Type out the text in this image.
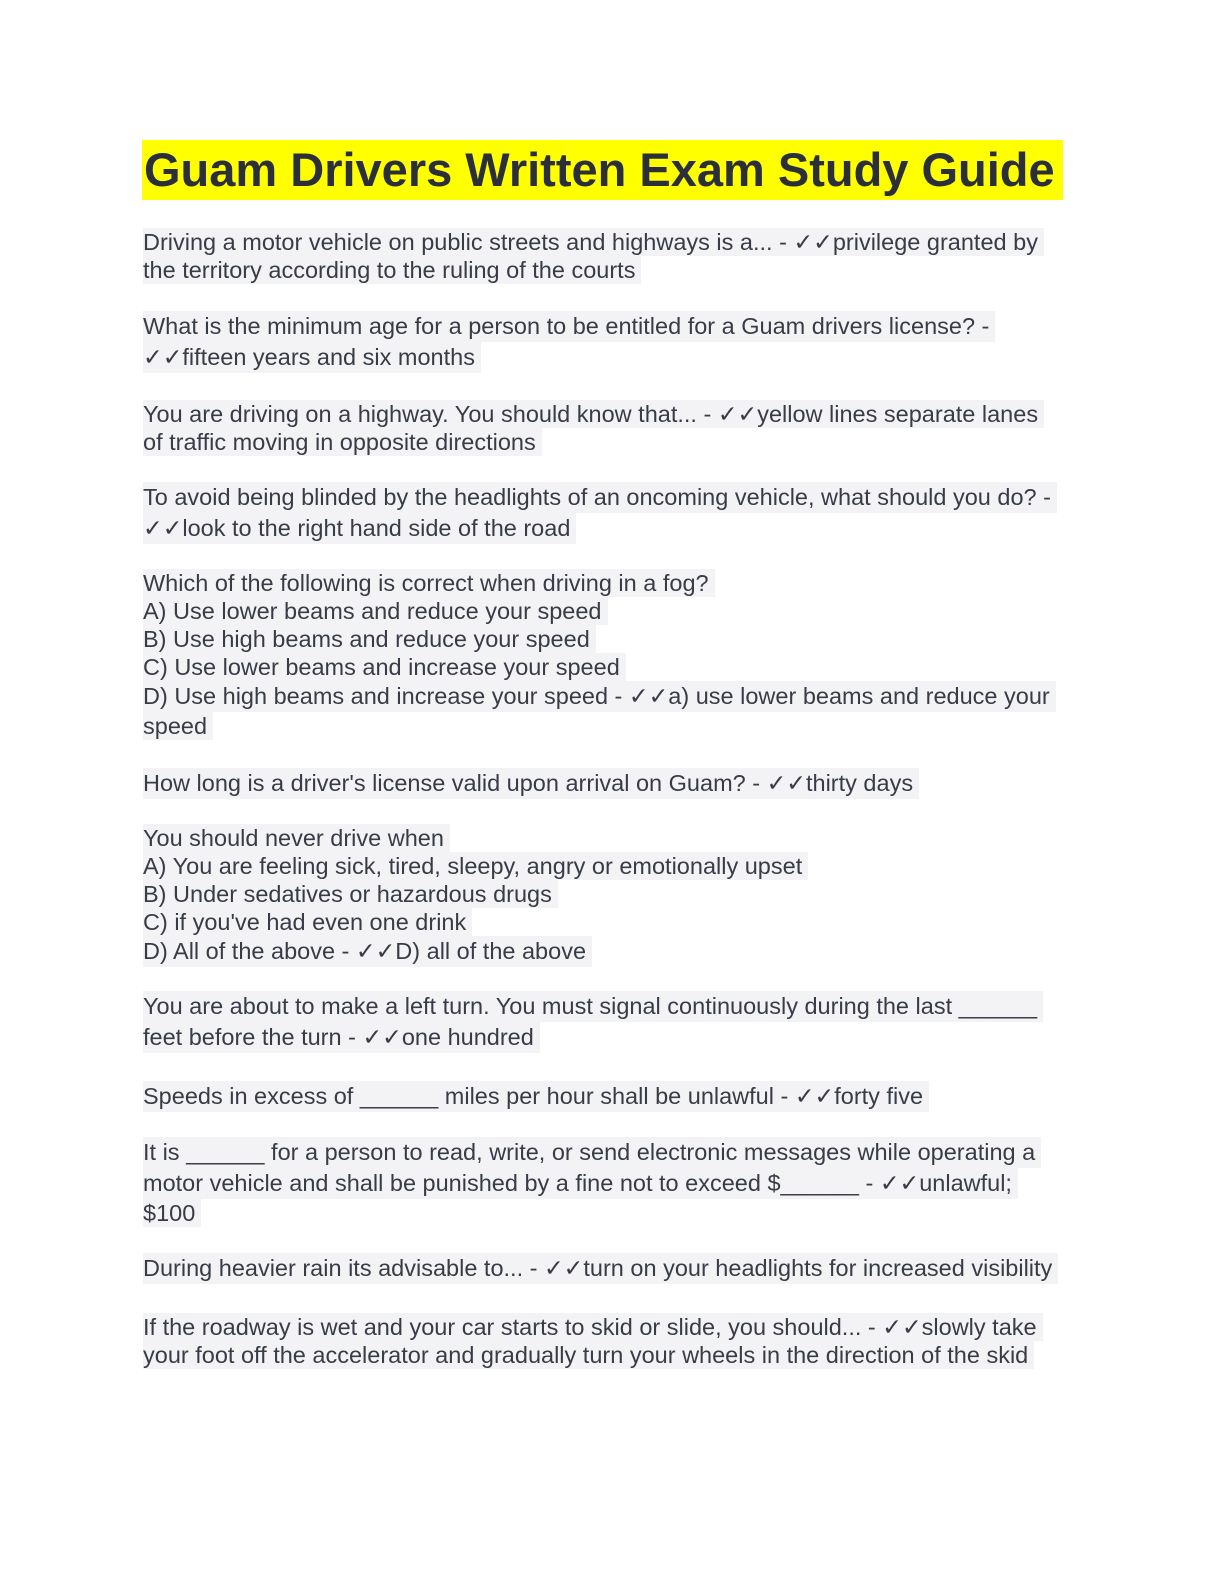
Guam Drivers Written Exam Study Guide
Driving a motor vehicle on public streets and highways is a... - ✓✓privilege granted by
the territory according to the ruling of the courts
What is the minimum age for a person to be entitled for a Guam drivers license? -
✓✓fifteen years and six months
You are driving on a highway. You should know that... - ✓✓yellow lines separate lanes
of traffic moving in opposite directions
To avoid being blinded by the headlights of an oncoming vehicle, what should you do? -
✓✓look to the right hand side of the road
Which of the following is correct when driving in a fog?
A) Use lower beams and reduce your speed
B) Use high beams and reduce your speed
C) Use lower beams and increase your speed
D) Use high beams and increase your speed - ✓✓a) use lower beams and reduce your
speed
How long is a driver's license valid upon arrival on Guam? - ✓✓thirty days
You should never drive when
A) You are feeling sick, tired, sleepy, angry or emotionally upset
B) Under sedatives or hazardous drugs
C) if you've had even one drink
D) All of the above - ✓✓D) all of the above
You are about to make a left turn. You must signal continuously during the last ______
feet before the turn - ✓✓one hundred
Speeds in excess of ______ miles per hour shall be unlawful - ✓✓forty five
It is ______ for a person to read, write, or send electronic messages while operating a
motor vehicle and shall be punished by a fine not to exceed $______ - ✓✓unlawful;
$100
During heavier rain its advisable to... - ✓✓turn on your headlights for increased visibility
If the roadway is wet and your car starts to skid or slide, you should... - ✓✓slowly take
your foot off the accelerator and gradually turn your wheels in the direction of the skid
